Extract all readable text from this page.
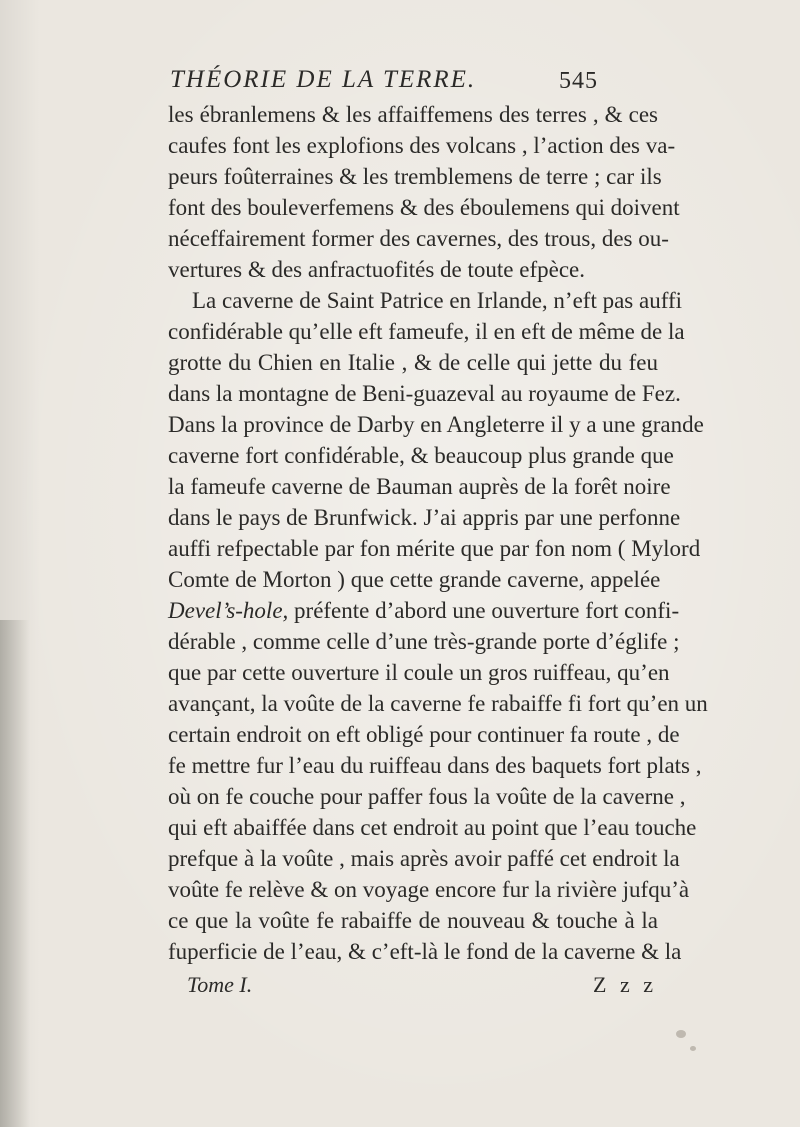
THÉORIE DE LA TERRE.	545
les ébranlemens & les affaiffemens des terres , & ces
caufes font les explofions des volcans , l’action des va-
peurs foûterraines & les tremblemens de terre ; car ils
font des bouleverfemens & des éboulemens qui doivent
néceffairement former des cavernes, des trous, des ou-
vertures & des anfractuofités de toute efpèce.
La caverne de Saint Patrice en Irlande, n’eft pas auffi
confidérable qu’elle eft fameufe, il en eft de même de la
grotte du Chien en Italie , & de celle qui jette du feu
dans la montagne de Beni-guazeval au royaume de Fez.
Dans la province de Darby en Angleterre il y a une grande
caverne fort confidérable, & beaucoup plus grande que
la fameufe caverne de Bauman auprès de la forêt noire
dans le pays de Brunfwick. J’ai appris par une perfonne
auffi refpectable par fon mérite que par fon nom ( Mylord
Comte de Morton ) que cette grande caverne, appelée
Devel’s-hole, préfente d’abord une ouverture fort confi-
dérable , comme celle d’une très-grande porte d’églife ;
que par cette ouverture il coule un gros ruiffeau, qu’en
avançant, la voûte de la caverne fe rabaiffe fi fort qu’en un
certain endroit on eft obligé pour continuer fa route , de
fe mettre fur l’eau du ruiffeau dans des baquets fort plats ,
où on fe couche pour paffer fous la voûte de la caverne ,
qui eft abaiffée dans cet endroit au point que l’eau touche
prefque à la voûte , mais après avoir paffé cet endroit la
voûte fe relève & on voyage encore fur la rivière jufqu’à
ce que la voûte fe rabaiffe de nouveau & touche à la
fuperficie de l’eau, & c’eft-là le fond de la caverne & la
Tome I.	Z z z
